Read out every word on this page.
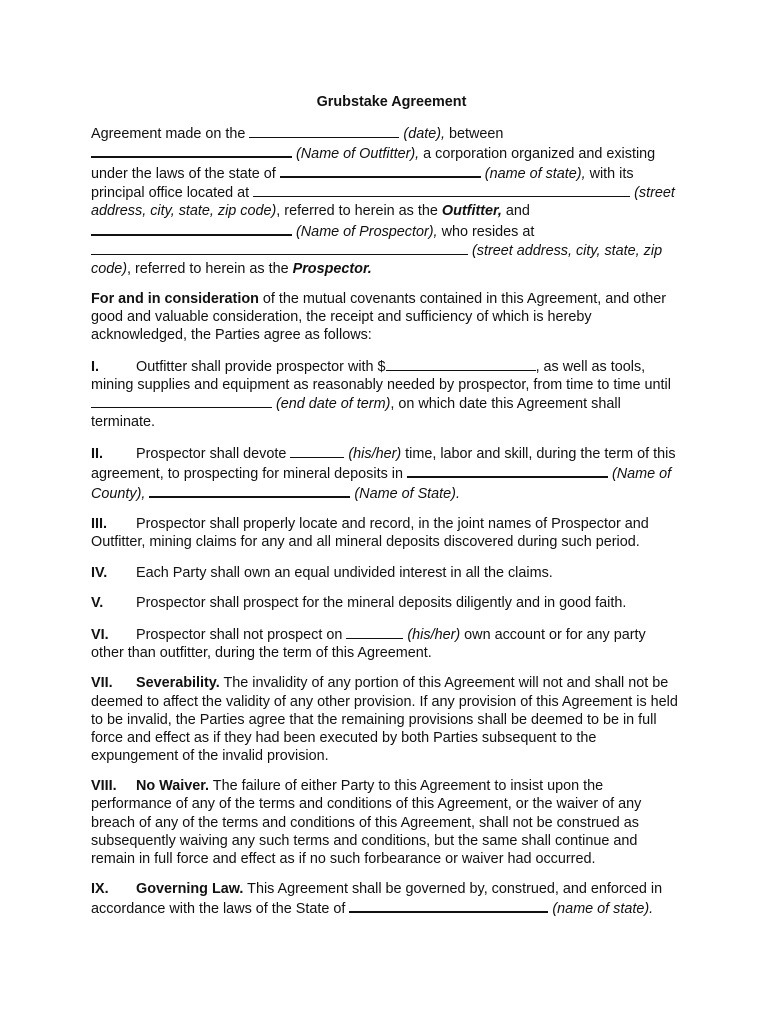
Grubstake Agreement

Agreement made on the	(date), between  (Name of Outfitter), a corporation organized and existing under the laws of the state of	(name of state), with its principal office located at	(street address, city, state, zip code), referred to herein as the Outfitter, and  (Name of Prospector), who resides at  (street address, city, state, zip code), referred to herein as the Prospector.

For and in consideration of the mutual covenants contained in this Agreement, and other good and valuable consideration, the receipt and sufficiency of which is hereby acknowledged, the Parties agree as follows:

I.	Outfitter shall provide prospector with $	, as well as tools, mining supplies and equipment as reasonably needed by prospector, from time to time until  (end date of term), on which date this Agreement shall terminate.

II. Prospector shall devote	(his/her) time, labor and skill, during the term of this agreement, to prospecting for mineral deposits in	(Name of County),	(Name of State).

III. Prospector shall properly locate and record, in the joint names of Prospector and Outfitter, mining claims for any and all mineral deposits discovered during such period.

IV. Each Party shall own an equal undivided interest in all the claims.

V. Prospector shall prospect for the mineral deposits diligently and in good faith.

VI. Prospector shall not prospect on	(his/her) own account or for any party other than outfitter, during the term of this Agreement.

VII. Severability. The invalidity of any portion of this Agreement will not and shall not be deemed to affect the validity of any other provision. If any provision of this Agreement is held to be invalid, the Parties agree that the remaining provisions shall be deemed to be in full force and effect as if they had been executed by both Parties subsequent to the expungement of the invalid provision.

VIII. No Waiver. The failure of either Party to this Agreement to insist upon the performance of any of the terms and conditions of this Agreement, or the waiver of any breach of any of the terms and conditions of this Agreement, shall not be construed as subsequently waiving any such terms and conditions, but the same shall continue and remain in full force and effect as if no such forbearance or waiver had occurred.

IX. Governing Law. This Agreement shall be governed by, construed, and enforced in accordance with the laws of the State of	(name of state).
